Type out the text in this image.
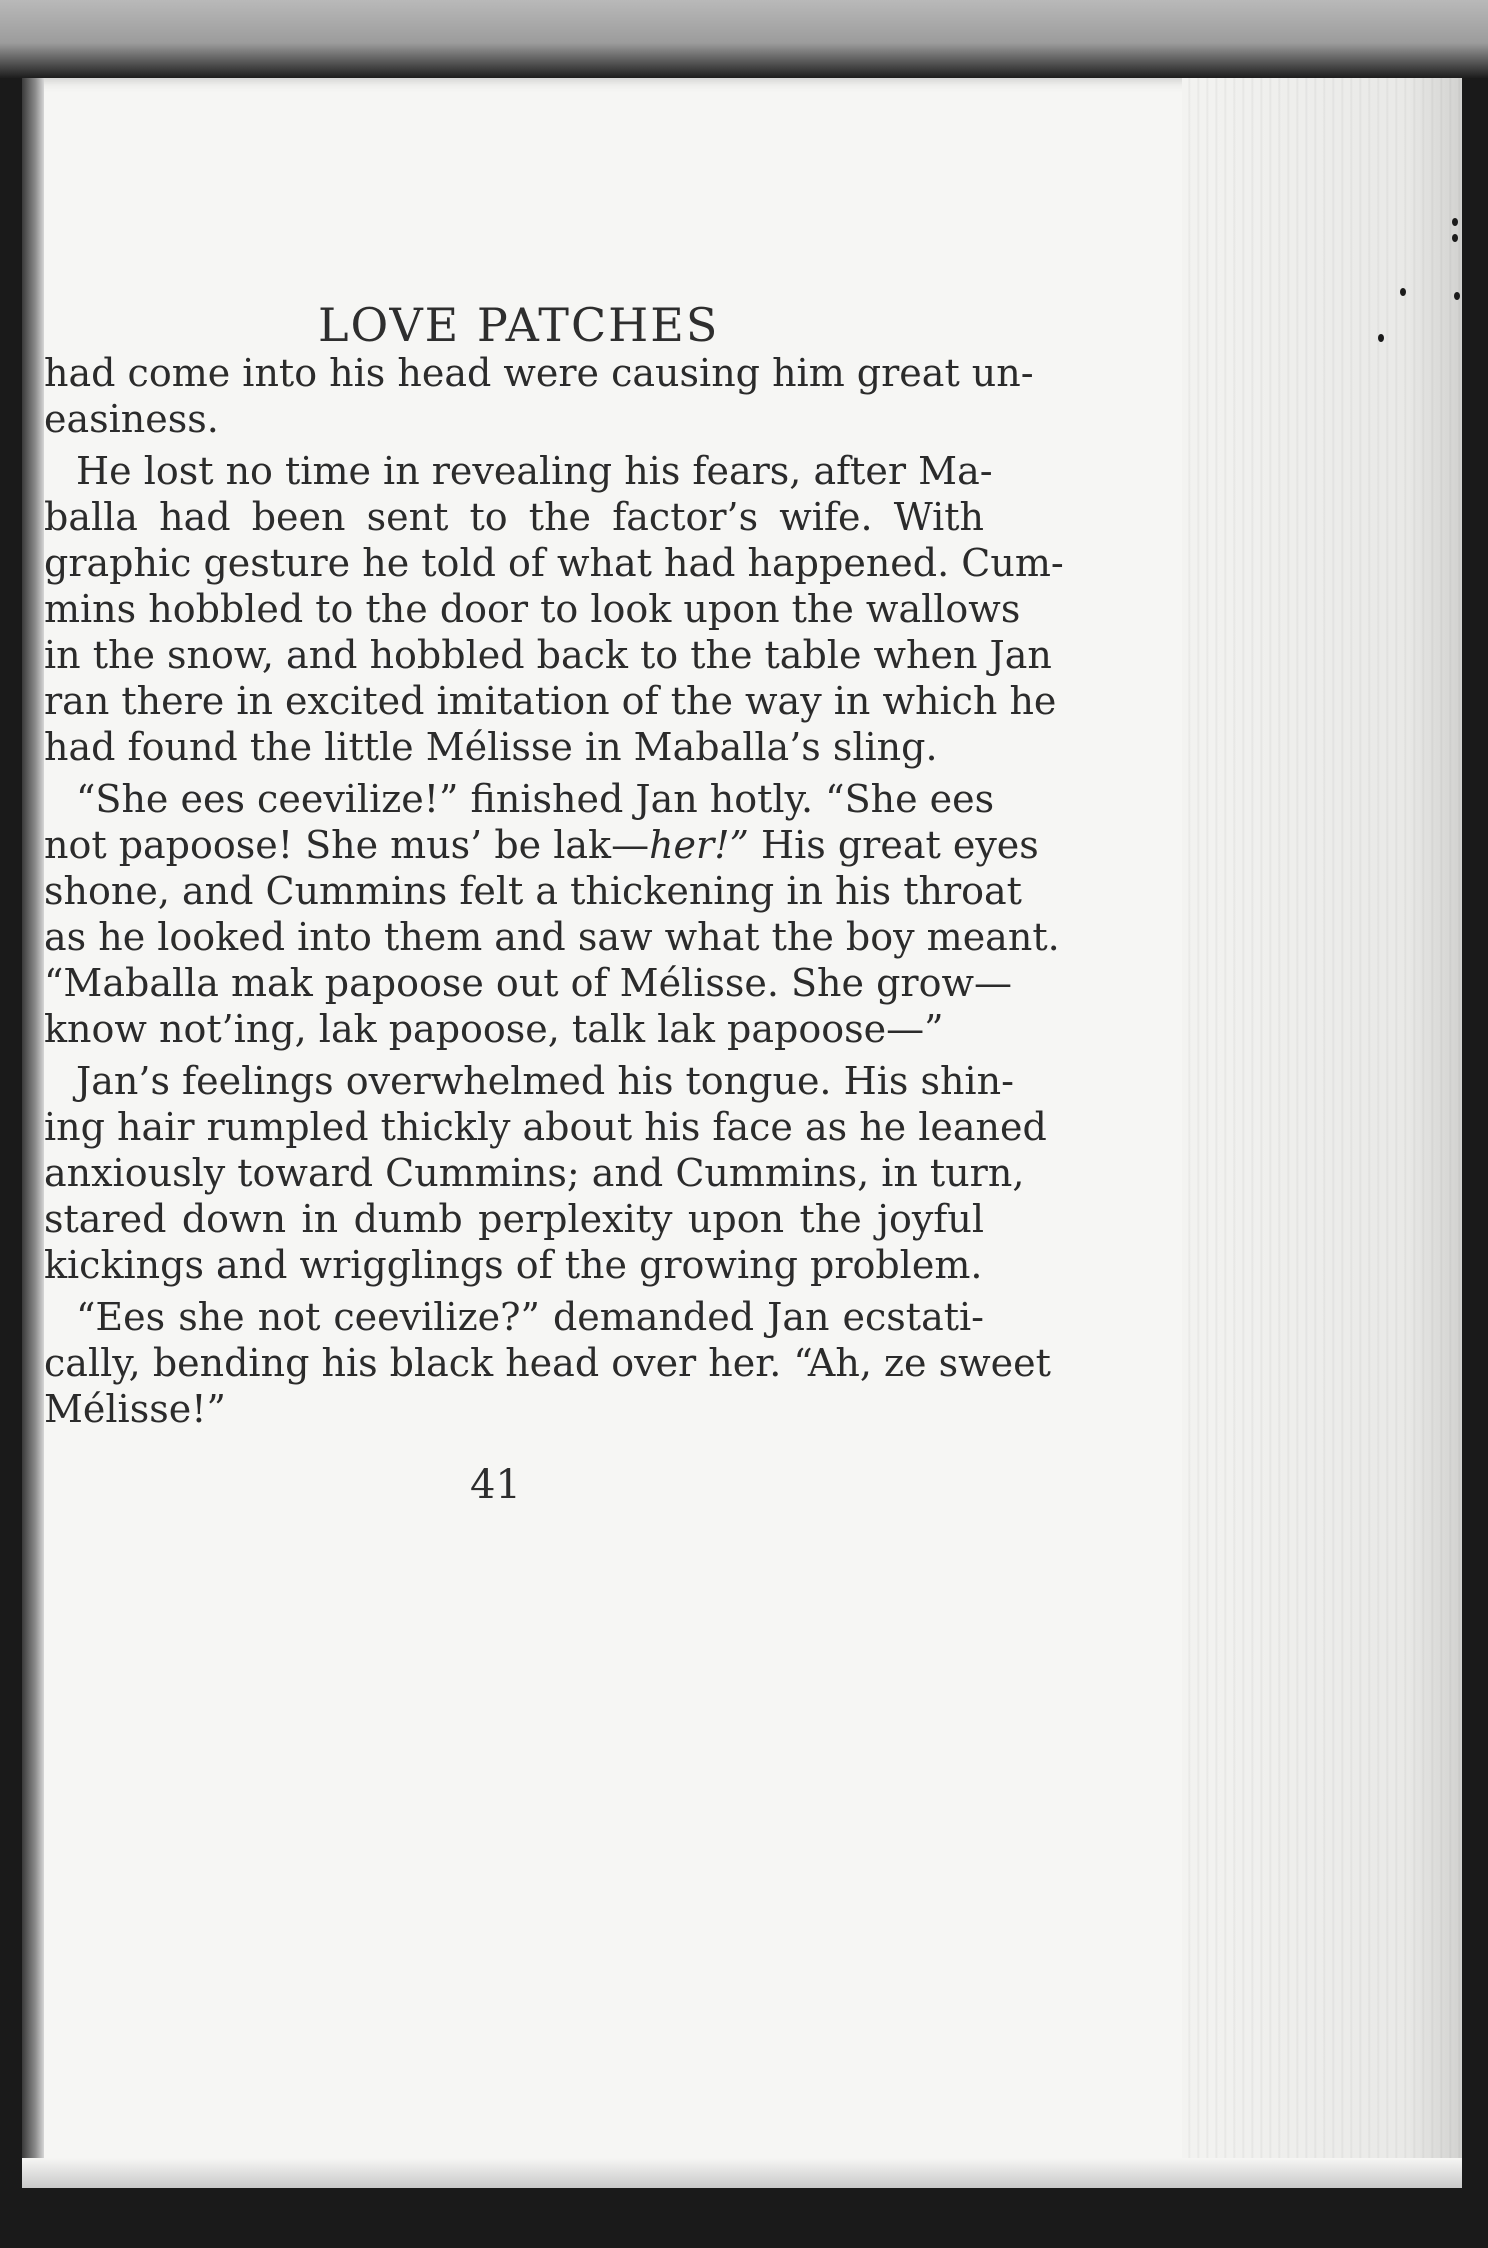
LOVE PATCHES
had come into his head were causing him great un-
easiness.
He lost no time in revealing his fears, after Ma-
balla had been sent to the factor’s wife. With
graphic gesture he told of what had happened. Cum-
mins hobbled to the door to look upon the wallows
in the snow, and hobbled back to the table when Jan
ran there in excited imitation of the way in which he
had found the little Mélisse in Maballa’s sling.
“She ees ceevilize!” finished Jan hotly. “She ees
not papoose! She mus’ be lak—her!” His great eyes
shone, and Cummins felt a thickening in his throat
as he looked into them and saw what the boy meant.
“Maballa mak papoose out of Mélisse. She grow—
know not’ing, lak papoose, talk lak papoose—”
Jan’s feelings overwhelmed his tongue. His shin-
ing hair rumpled thickly about his face as he leaned
anxiously toward Cummins; and Cummins, in turn,
stared down in dumb perplexity upon the joyful
kickings and wrigglings of the growing problem.
“Ees she not ceevilize?” demanded Jan ecstati-
cally, bending his black head over her. “Ah, ze sweet
Mélisse!”
41
